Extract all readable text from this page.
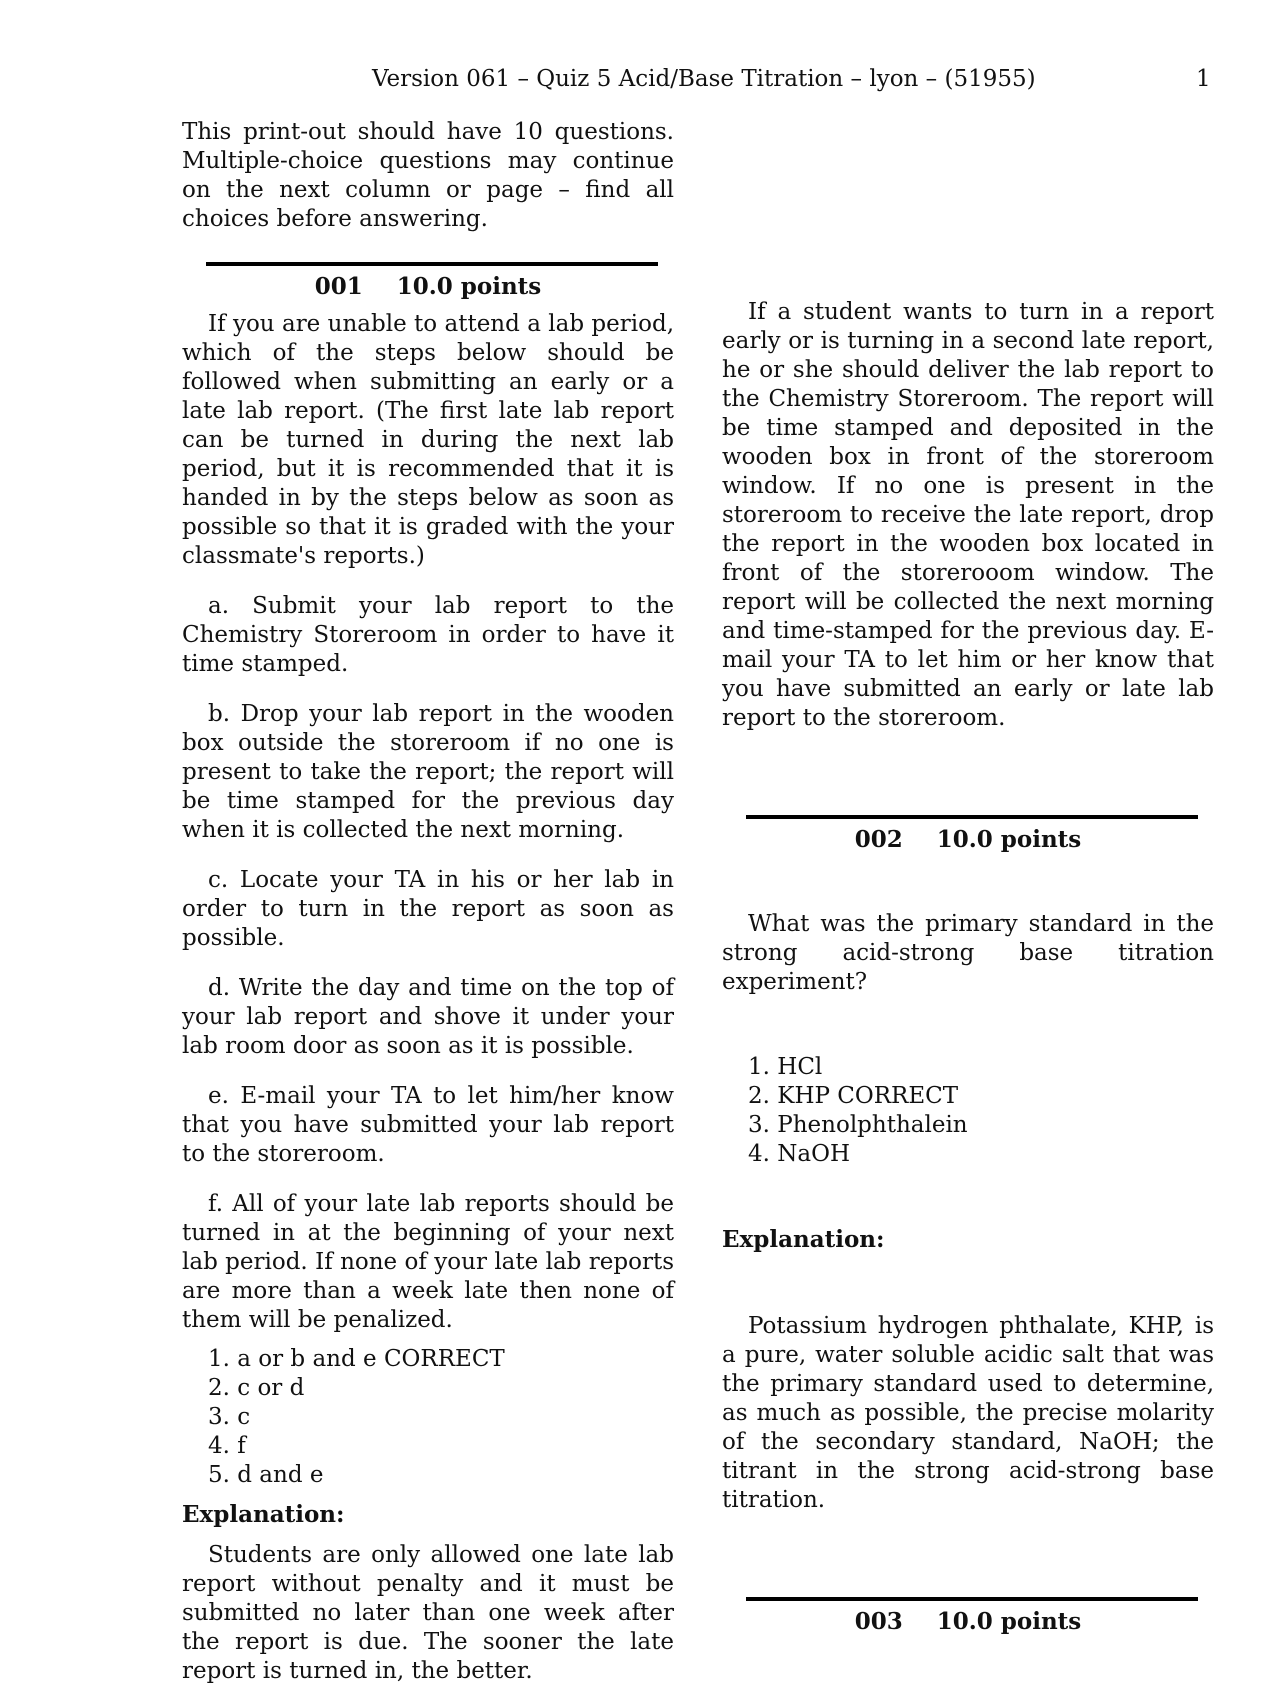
Version 061 – Quiz 5 Acid/Base Titration – lyon – (51955)	1

This print-out should have 10 questions. Multiple-choice questions may continue on the next column or page – find all choices before answering.

001 10.0 points

If you are unable to attend a lab period, which of the steps below should be followed when submitting an early or a late lab report. (The first late lab report can be turned in during the next lab period, but it is recommended that it is handed in by the steps below as soon as possible so that it is graded with the your classmate's reports.)

a. Submit your lab report to the Chemistry Storeroom in order to have it time stamped.

b. Drop your lab report in the wooden box outside the storeroom if no one is present to take the report; the report will be time stamped for the previous day when it is collected the next morning.

c. Locate your TA in his or her lab in order to turn in the report as soon as possible.

d. Write the day and time on the top of your lab report and shove it under your lab room door as soon as it is possible.

e. E-mail your TA to let him/her know that you have submitted your lab report to the storeroom.

f. All of your late lab reports should be turned in at the beginning of your next lab period. If none of your late lab reports are more than a week late then none of them will be penalized.

1. a or b and e CORRECT
2. c or d
3. c
4. f
5. d and e

Explanation:

Students are only allowed one late lab report without penalty and it must be submitted no later than one week after the report is due. The sooner the late report is turned in, the better.

If a student wants to turn in a report early or is turning in a second late report, he or she should deliver the lab report to the Chemistry Storeroom. The report will be time stamped and deposited in the wooden box in front of the storeroom window. If no one is present in the storeroom to receive the late report, drop the report in the wooden box located in front of the storerooom window. The report will be collected the next morning and time-stamped for the previous day. E-mail your TA to let him or her know that you have submitted an early or late lab report to the storeroom.

002 10.0 points

What was the primary standard in the strong acid-strong base titration experiment?

1. HCl
2. KHP CORRECT
3. Phenolphthalein
4. NaOH

Explanation:

Potassium hydrogen phthalate, KHP, is a pure, water soluble acidic salt that was the primary standard used to determine, as much as possible, the precise molarity of the secondary standard, NaOH; the titrant in the strong acid-strong base titration.

003 10.0 points
